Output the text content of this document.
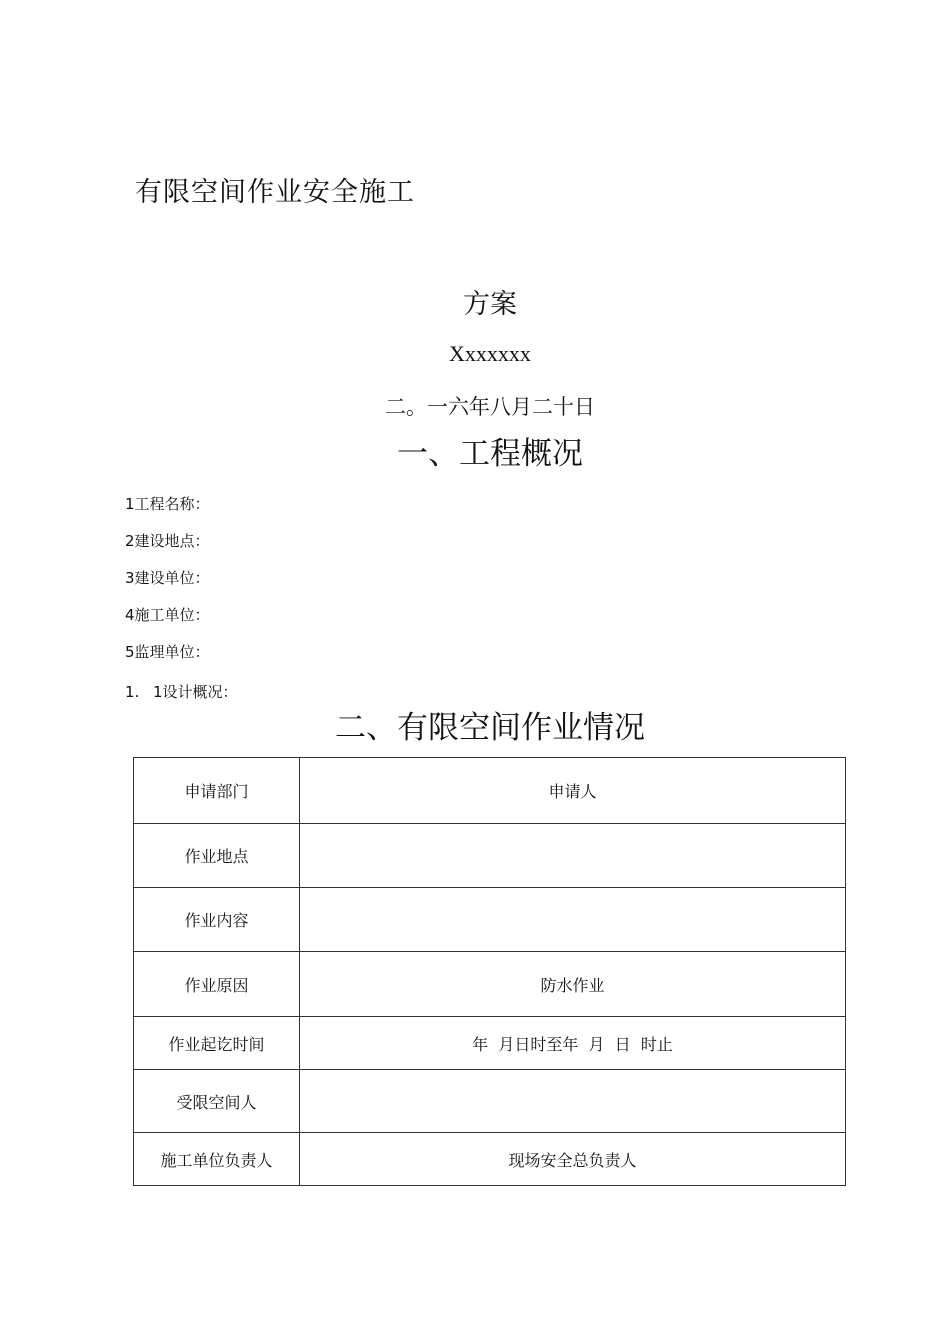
有限空间作业安全施工
方案
Xxxxxxx
二。一六年八月二十日
一、工程概况
1工程名称：
2建设地点：
3建设单位：
4施工单位：
5监理单位：
1. 1设计概况：
二、有限空间作业情况
申请部门	申请人
作业地点	
作业内容	
作业原因	防水作业
作业起讫时间	年  月日时至年  月  日  时止
受限空间人	
施工单位负责人	现场安全总负责人
